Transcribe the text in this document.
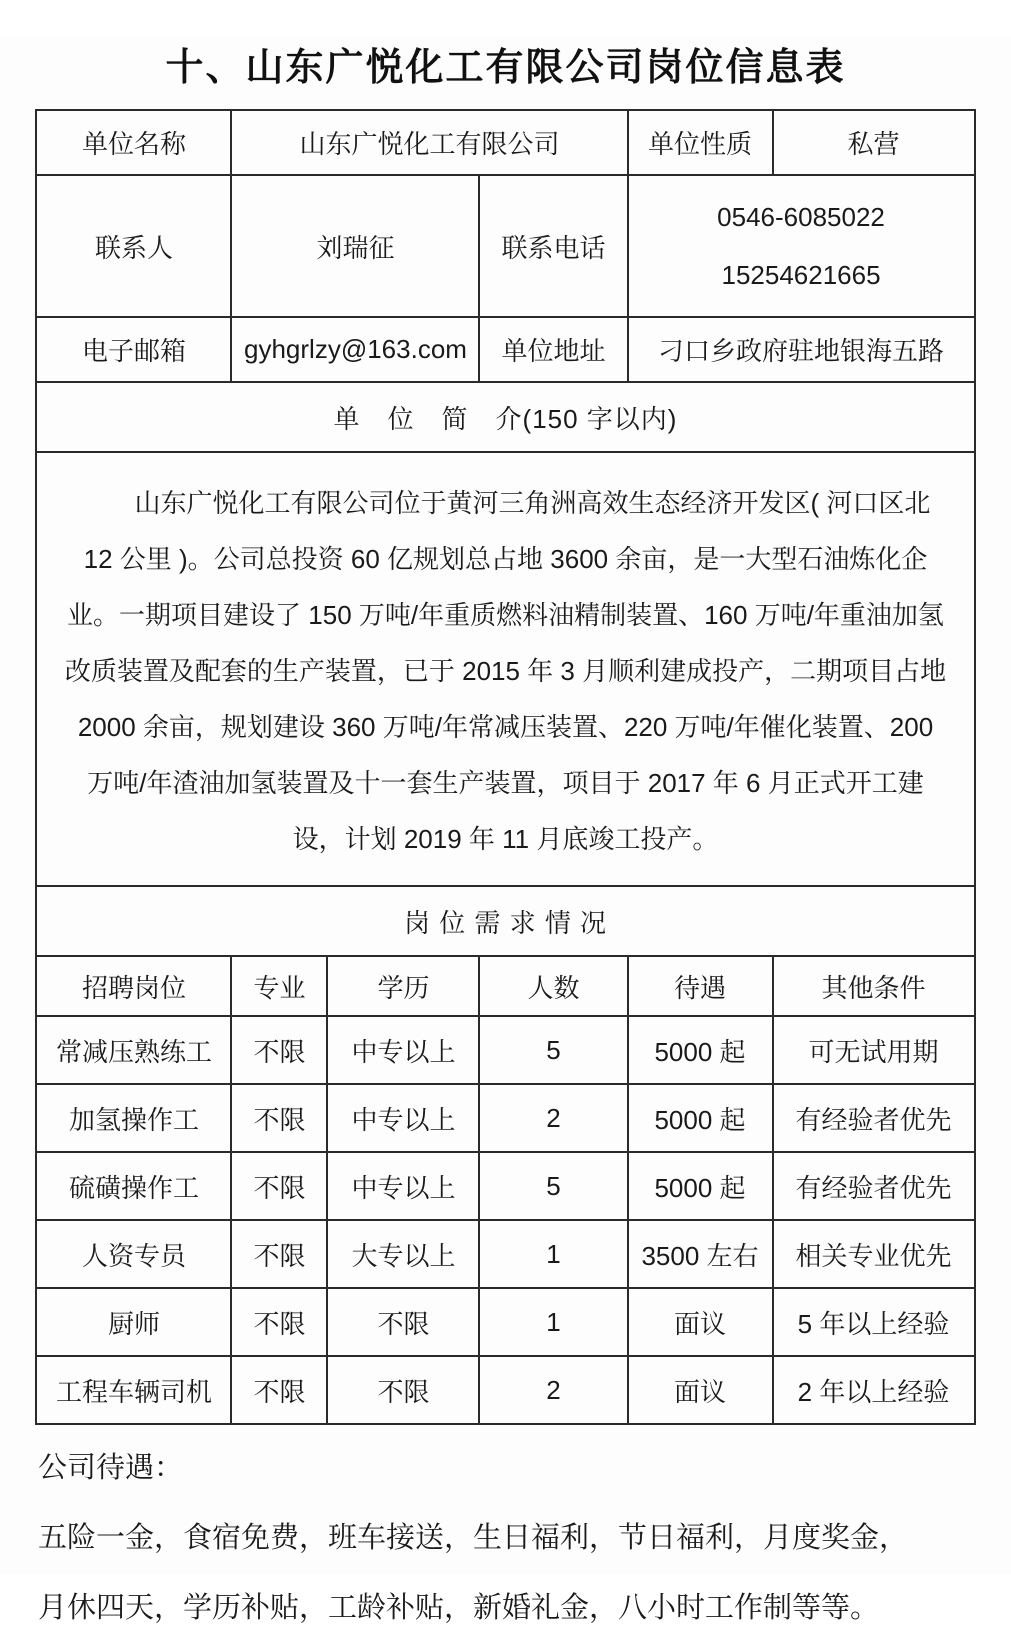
十、山东广悦化工有限公司岗位信息表
单位名称	山东广悦化工有限公司			单位性质	私营
联系人	刘瑞征		联系电话	0546-6085022
15254621665	

电子邮箱	gyhgrlzy@163.com		单位地址	刁口乡政府驻地银海五路	
单　位　简　介(150 字以内)					
山东广悦化工有限公司位于黄河三角洲高效生态经济开发区( 河口区北 12 公里 )。公司总投资 60 亿规划总占地 3600 余亩，是一大型石油炼化企业。一期项目建设了 150 万吨/年重质燃料油精制装置、160 万吨/年重油加氢改质装置及配套的生产装置，已于 2015 年 3 月顺利建成投产，二期项目占地 2000 余亩，规划建设 360 万吨/年常减压装置、220 万吨/年催化装置、200 万吨/年渣油加氢装置及十一套生产装置，项目于 2017 年 6 月正式开工建设，计划 2019 年 11 月底竣工投产。					
岗 位 需 求 情 况					
招聘岗位	专业	学历	人数	待遇	其他条件
常减压熟练工	不限	中专以上	5	5000 起	可无试用期
加氢操作工	不限	中专以上	2	5000 起	有经验者优先
硫磺操作工	不限	中专以上	5	5000 起	有经验者优先
人资专员	不限	大专以上	1	3500 左右	相关专业优先
厨师	不限	不限	1	面议	5 年以上经验
工程车辆司机	不限	不限	2	面议	2 年以上经验
公司待遇：
五险一金，食宿免费，班车接送，生日福利，节日福利，月度奖金，
月休四天，学历补贴，工龄补贴，新婚礼金，八小时工作制等等。
